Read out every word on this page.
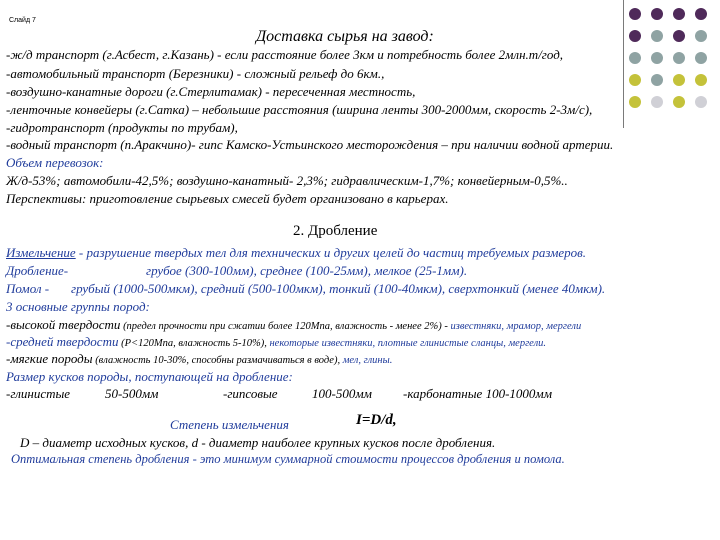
Слайд 7
Доставка сырья на завод:
-ж/д транспорт (г.Асбест, г.Казань) - если расстояние более 3км и потребность более 2млн.т/год,
-автомобильный транспорт (Березники) - сложный рельеф до 6км.,
-воздушно-канатные дороги (г.Стерлитамак) - пересеченная местность,
-ленточные конвейеры (г.Сатка) – небольшие расстояния (ширина ленты 300-2000мм, скорость 2-3м/с),
-гидротранспорт (продукты по трубам),
-водный транспорт (п.Аракчино)- гипс Камско-Устьинского месторождения – при наличии водной артерии.
Объем перевозок:
Ж/д-53%; автомобили-42,5%; воздушно-канатный- 2,3%; гидравлическим-1,7%; конвейерным-0,5%..
Перспективы: приготовление сырьевых смесей будет организовано в карьерах.
2. Дробление
Измельчение - разрушение твердых тел для технических и других целей до частиц требуемых размеров.
Дробление-	грубое (300-100мм), среднее (100-25мм), мелкое (25-1мм).
Помол - грубый (1000-500мкм), средний (500-100мкм), тонкий (100-40мкм), сверхтонкий (менее 40мкм).
3 основные группы пород:
-высокой твердости (предел прочности при сжатии более 120Мпа, влажность - менее 2%) - известняки, мрамор, мергели
-средней твердости (Р<120Мпа, влажность 5-10%), некоторые известняки, плотные глинистые сланцы, мергели.
-мягкие породы (влажность 10-30%, способны размачиваться в воде), мел, глины.
Размер кусков породы, поступающей на дробление:
-глинистые	50-500мм	-гипсовые	100-500мм -карбонатные 100-1000мм
Степень измельчения	I=D/d,
D – диаметр исходных кусков, d - диаметр наиболее крупных кусков после дробления.
Оптимальная степень дробления - это минимум суммарной стоимости процессов дробления и помола.
